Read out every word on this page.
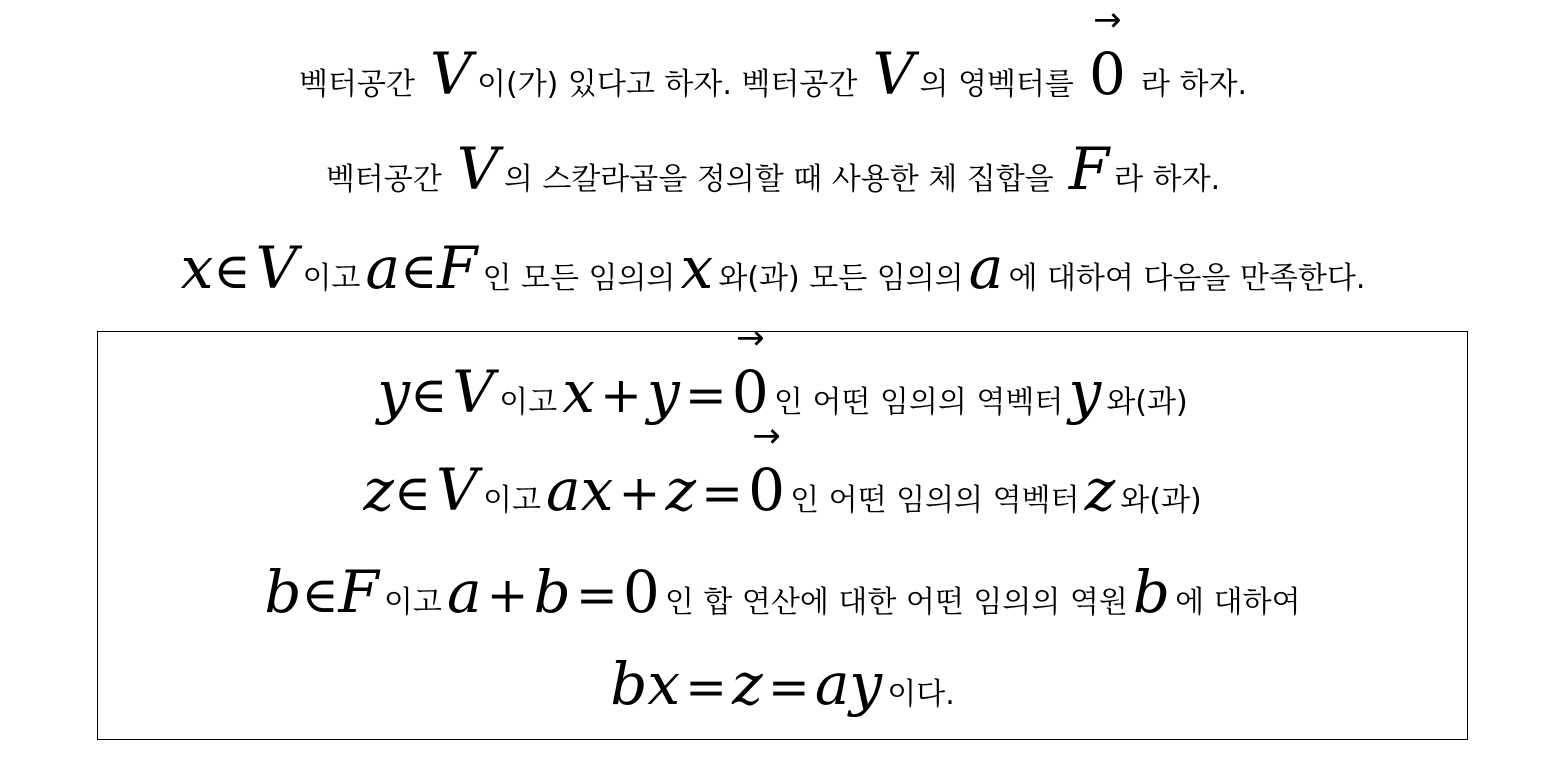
벡터공간 V 이(가) 있다고 하자. 벡터공간 V 의 영벡터를 → 0 라 하자.
벡터공간 V 의 스칼라곱을 정의할 때 사용한 체 집합을 F 라 하자.
x∈ V 이고 a∈F 인 모든 임의의 x 와(과) 모든 임의의 a 에 대하여 다음을 만족한다.
y∈ V 이고 x + y = → 0 인 어떤 임의의 역벡터 y 와(과)
z∈ V 이고 ax + z = → 0 인 어떤 임의의 역벡터 z 와(과)
b∈F 이고 a + b = 0 인 합 연산에 대한 어떤 임의의 역원 b 에 대하여
bx = z = ay 이다.
